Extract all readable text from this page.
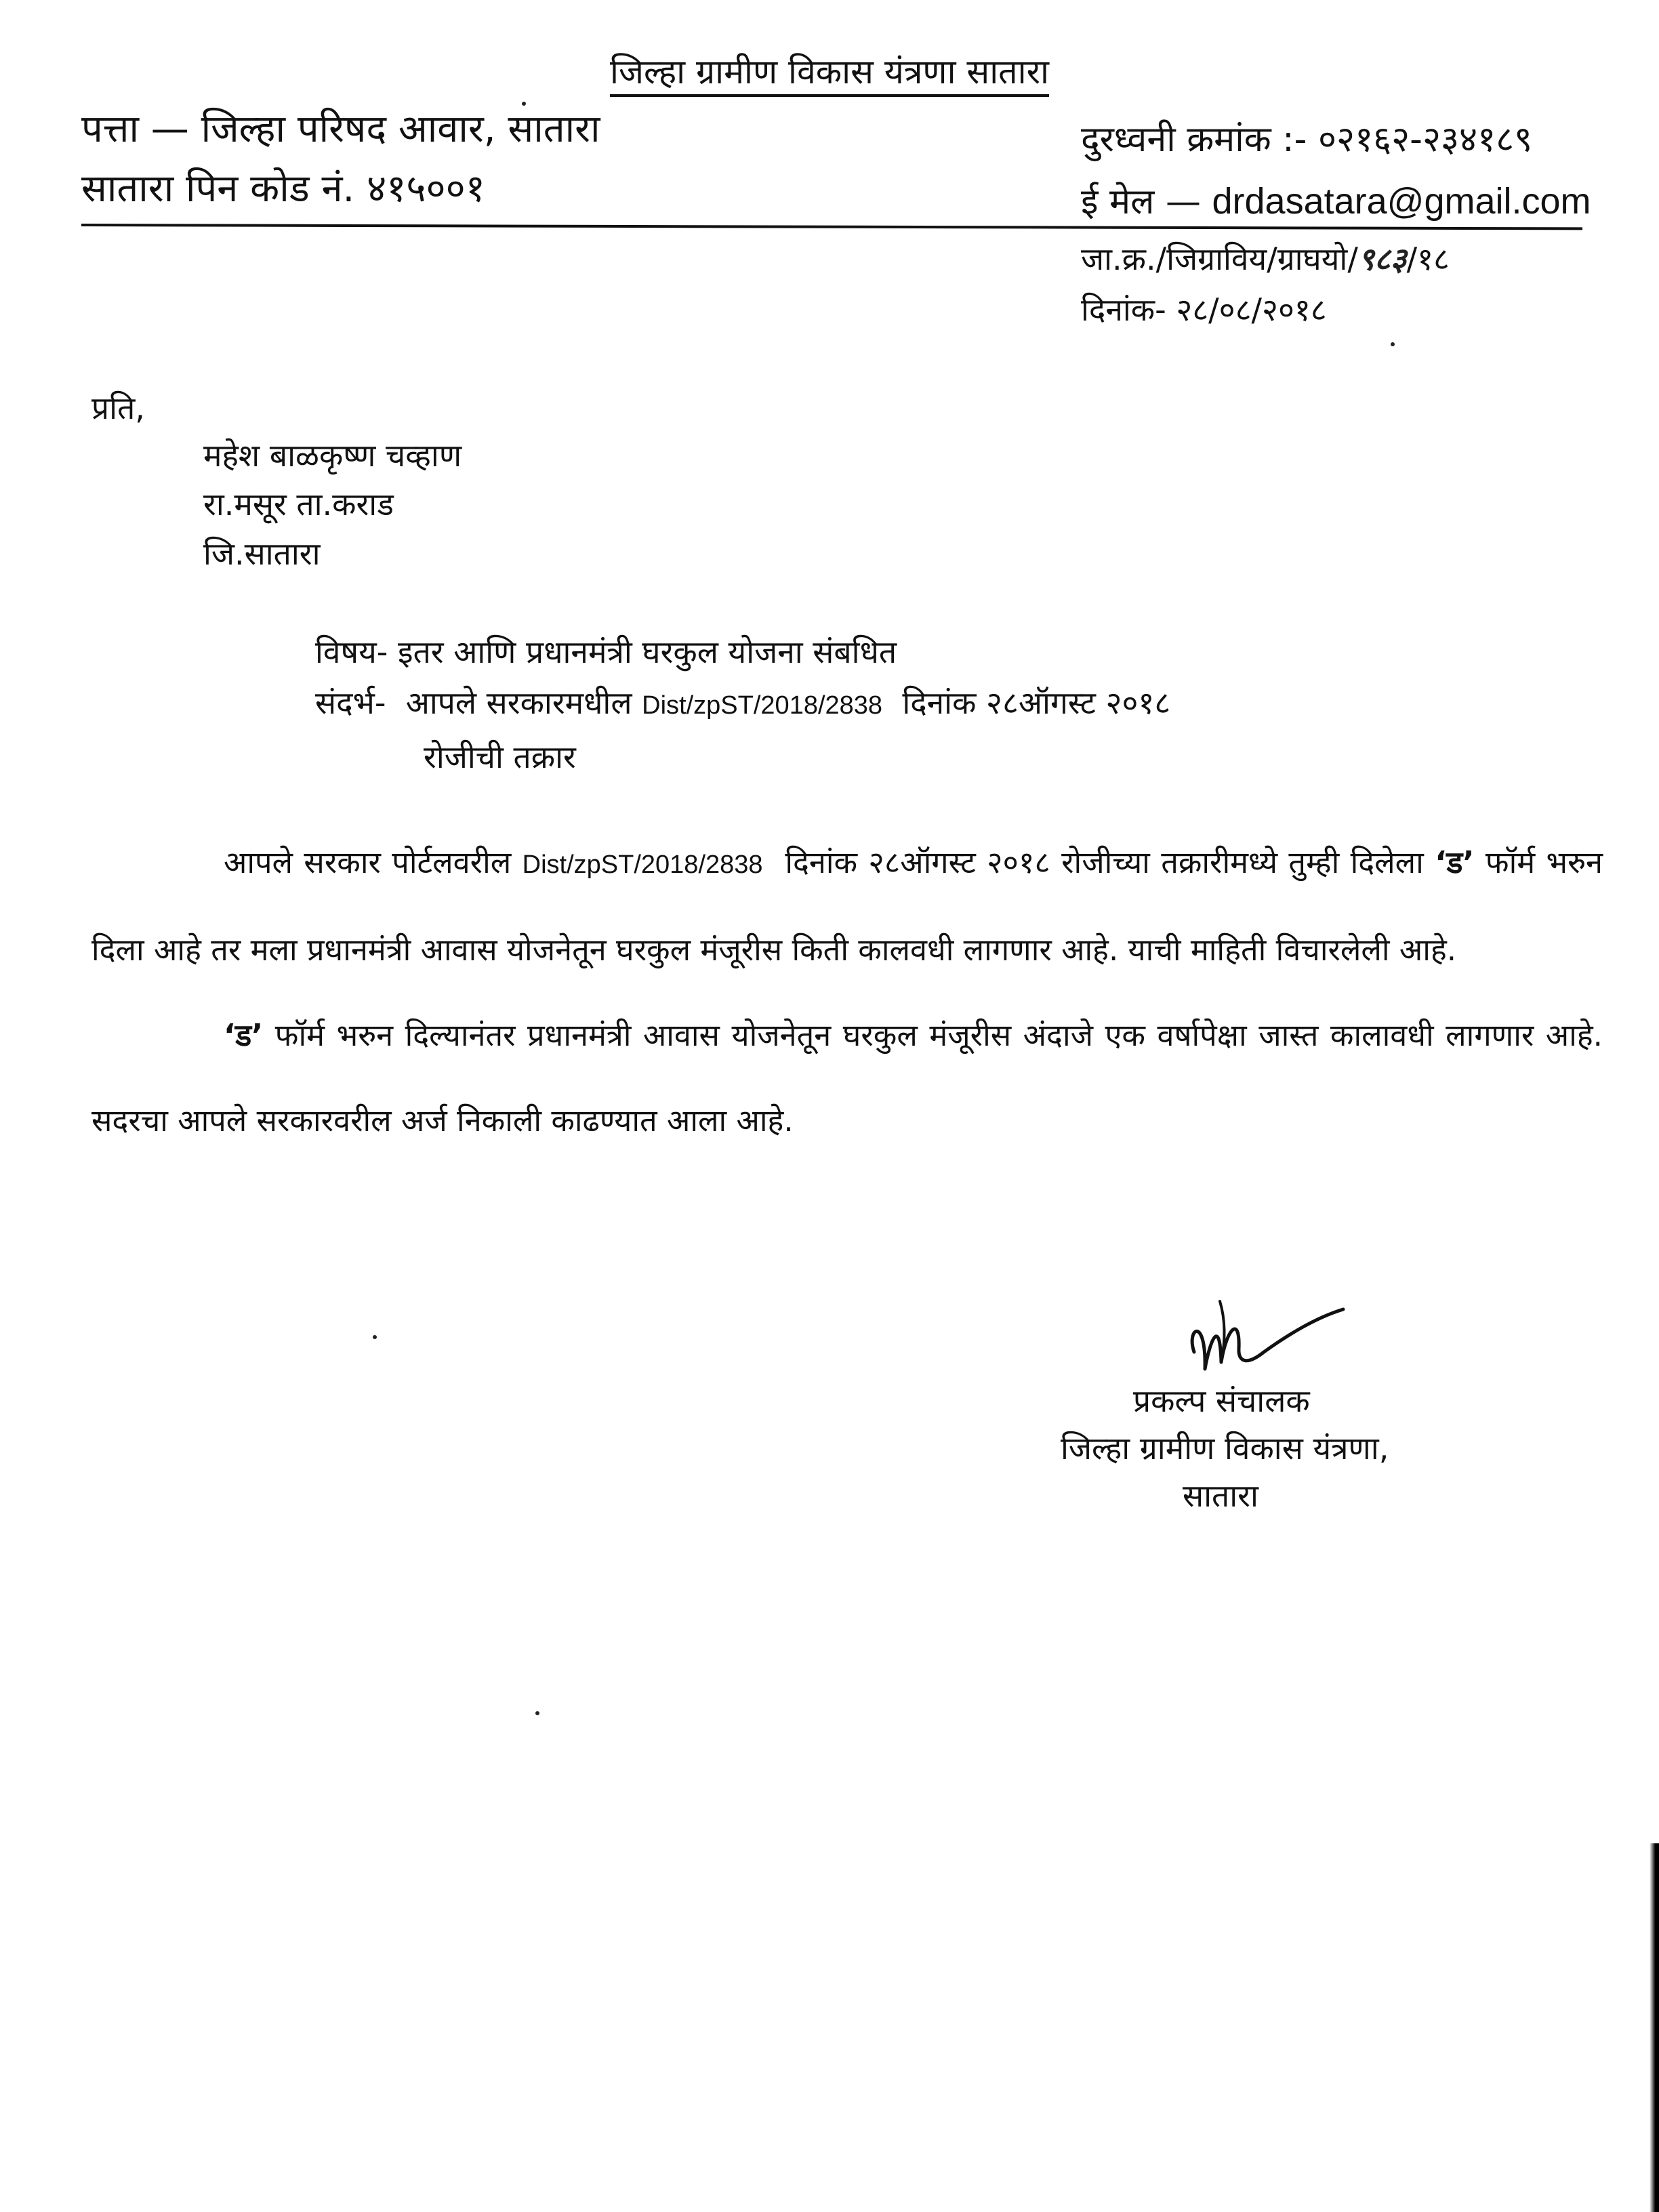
जिल्हा ग्रामीण विकास यंत्रणा सातारा
पत्ता — जिल्हा परिषद आवार, सातारा
सातारा पिन कोड नं. ४१५००१
दुरध्वनी क्रमांक :- ०२१६२-२३४१८९
ई मेल — drdasatara@gmail.com
जा.क्र./जिग्राविय/ग्राघयो/९८३/१८
दिनांक- २८/०८/२०१८
प्रति,
महेश बाळकृष्ण चव्हाण
रा.मसूर ता.कराड
जि.सातारा
विषय- इतर आणि प्रधानमंत्री घरकुल योजना संबधित
संदर्भ- आपले सरकारमधील Dist/zpST/2018/2838 दिनांक २८ऑगस्ट २०१८
रोजीची तक्रार

आपले सरकार पोर्टलवरील Dist/zpST/2018/2838 दिनांक २८ऑगस्ट २०१८ रोजीच्या तक्रारीमध्ये तुम्ही दिलेला ‘ड’ फॉर्म भरुन दिला आहे तर मला प्रधानमंत्री आवास योजनेतून घरकुल मंजूरीस किती कालवधी लागणार आहे. याची माहिती विचारलेली आहे.

‘ड’ फॉर्म भरुन दिल्यानंतर प्रधानमंत्री आवास योजनेतून घरकुल मंजूरीस अंदाजे एक वर्षापेक्षा जास्त कालावधी लागणार आहे. सदरचा आपले सरकारवरील अर्ज निकाली काढण्यात आला आहे.

प्रकल्प संचालक
जिल्हा ग्रामीण विकास यंत्रणा,
सातारा
